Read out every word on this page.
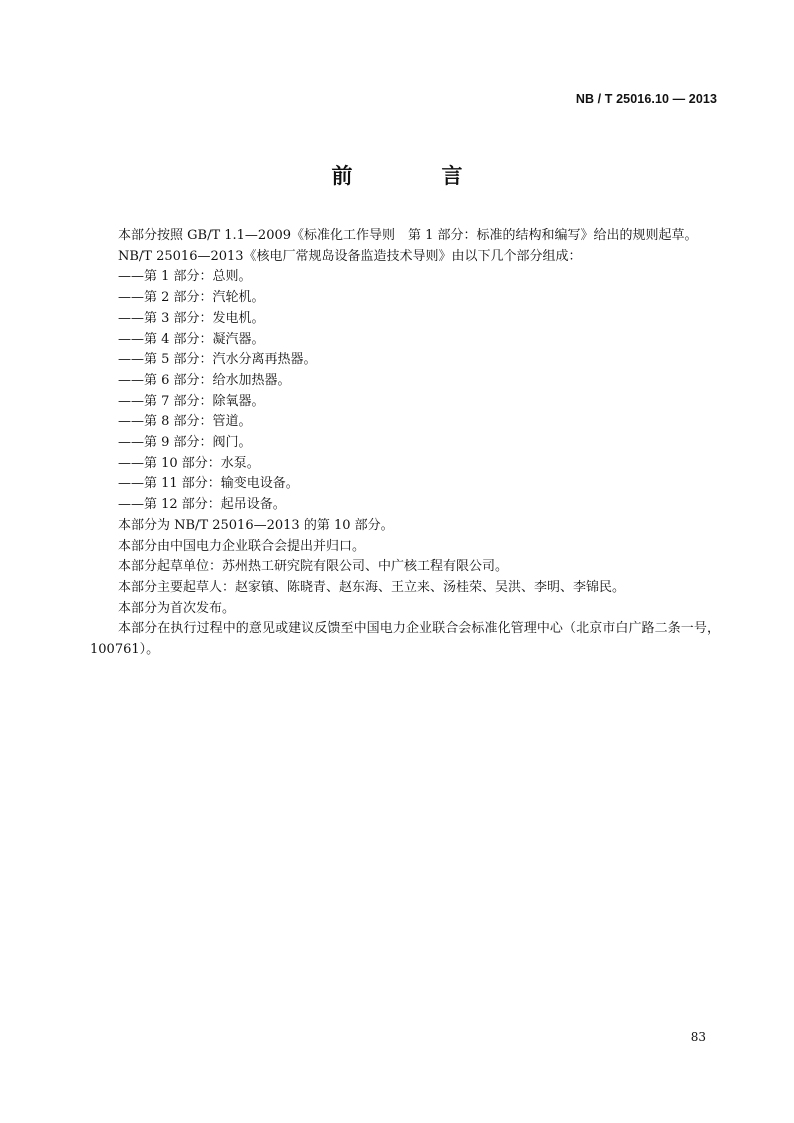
NB / T 25016.10 — 2013
前　言

本部分按照 GB/T 1.1—2009《标准化工作导则　第 1 部分：标准的结构和编写》给出的规则起草。

NB/T 25016—2013《核电厂常规岛设备监造技术导则》由以下几个部分组成：

——第 1 部分：总则。

——第 2 部分：汽轮机。

——第 3 部分：发电机。

——第 4 部分：凝汽器。

——第 5 部分：汽水分离再热器。

——第 6 部分：给水加热器。

——第 7 部分：除氧器。

——第 8 部分：管道。

——第 9 部分：阀门。

——第 10 部分：水泵。

——第 11 部分：输变电设备。

——第 12 部分：起吊设备。

本部分为 NB/T 25016—2013 的第 10 部分。

本部分由中国电力企业联合会提出并归口。

本部分起草单位：苏州热工研究院有限公司、中广核工程有限公司。

本部分主要起草人：赵家镇、陈晓青、赵东海、王立来、汤桂荣、吴洪、李明、李锦民。

本部分为首次发布。

本部分在执行过程中的意见或建议反馈至中国电力企业联合会标准化管理中心（北京市白广路二条一号，100761）。

83
